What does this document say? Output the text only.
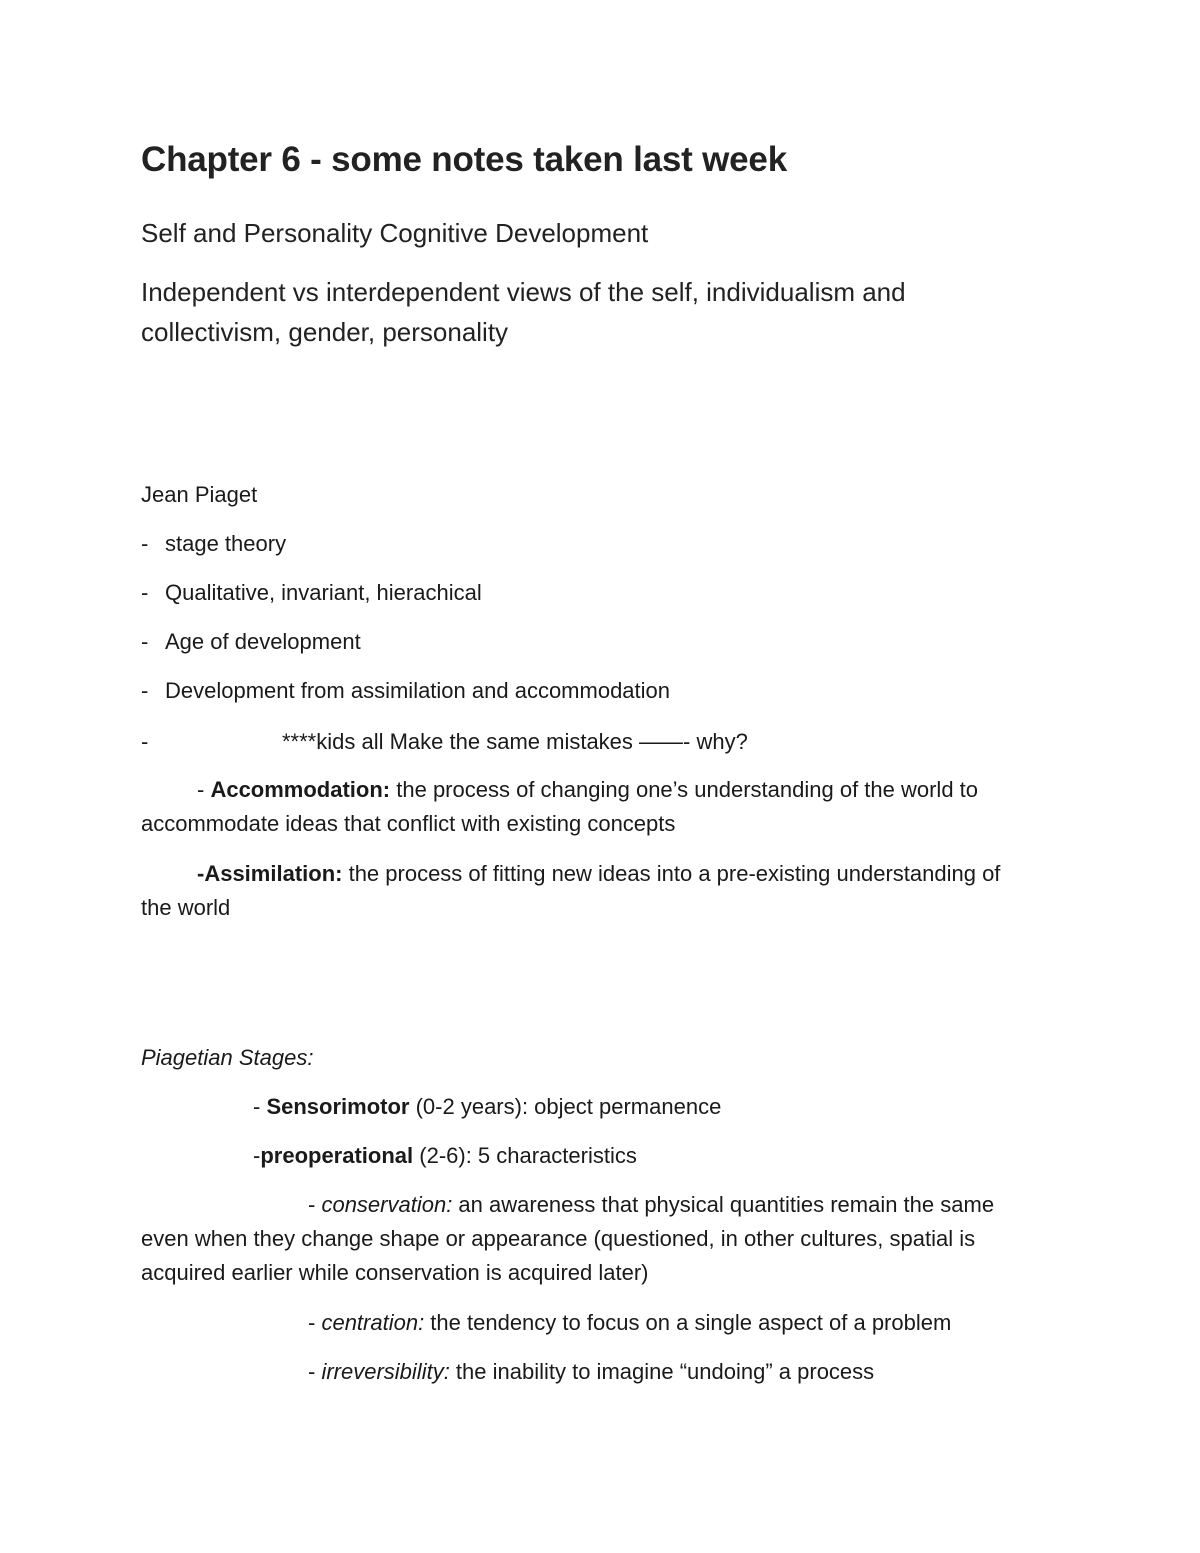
Chapter 6 - some notes taken last week
Self and Personality Cognitive Development
Independent vs interdependent views of the self, individualism and
collectivism, gender, personality
Jean Piaget
- stage theory
- Qualitative, invariant, hierachical
- Age of development
- Development from assimilation and accommodation
-	****kids all Make the same mistakes ——- why?
- Accommodation: the process of changing one’s understanding of the world to
accommodate ideas that conflict with existing concepts
-Assimilation: the process of fitting new ideas into a pre-existing understanding of
the world
Piagetian Stages:
- Sensorimotor (0-2 years): object permanence
-preoperational (2-6): 5 characteristics
- conservation: an awareness that physical quantities remain the same
even when they change shape or appearance (questioned, in other cultures, spatial is
acquired earlier while conservation is acquired later)
- centration: the tendency to focus on a single aspect of a problem
- irreversibility: the inability to imagine “undoing” a process
